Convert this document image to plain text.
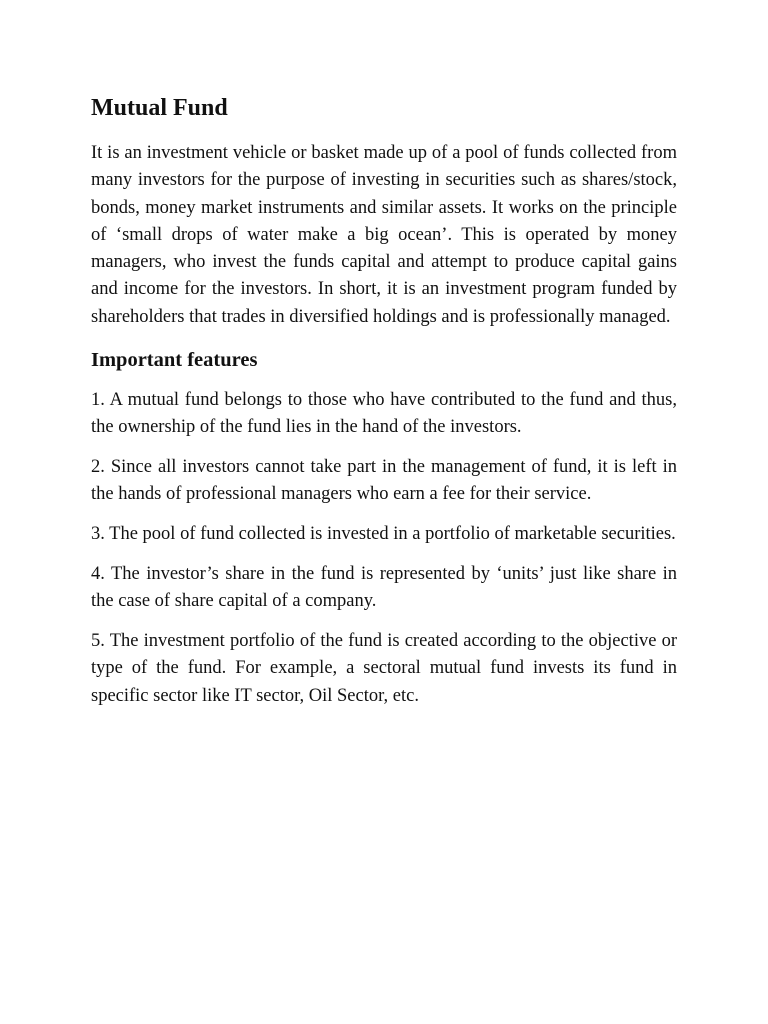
Mutual Fund

It is an investment vehicle or basket made up of a pool of funds collected from many investors for the purpose of investing in securities such as shares/stock, bonds, money market instruments and similar assets. It works on the principle of ‘small drops of water make a big ocean’. This is operated by money managers, who invest the funds capital and attempt to produce capital gains and income for the investors. In short, it is an investment program funded by shareholders that trades in diversified holdings and is professionally managed.

Important features

1. A mutual fund belongs to those who have contributed to the fund and thus, the ownership of the fund lies in the hand of the investors.

2. Since all investors cannot take part in the management of fund, it is left in the hands of professional managers who earn a fee for their service.

3. The pool of fund collected is invested in a portfolio of marketable securities.

4. The investor’s share in the fund is represented by ‘units’ just like share in the case of share capital of a company.

5. The investment portfolio of the fund is created according to the objective or type of the fund. For example, a sectoral mutual fund invests its fund in specific sector like IT sector, Oil Sector, etc.
